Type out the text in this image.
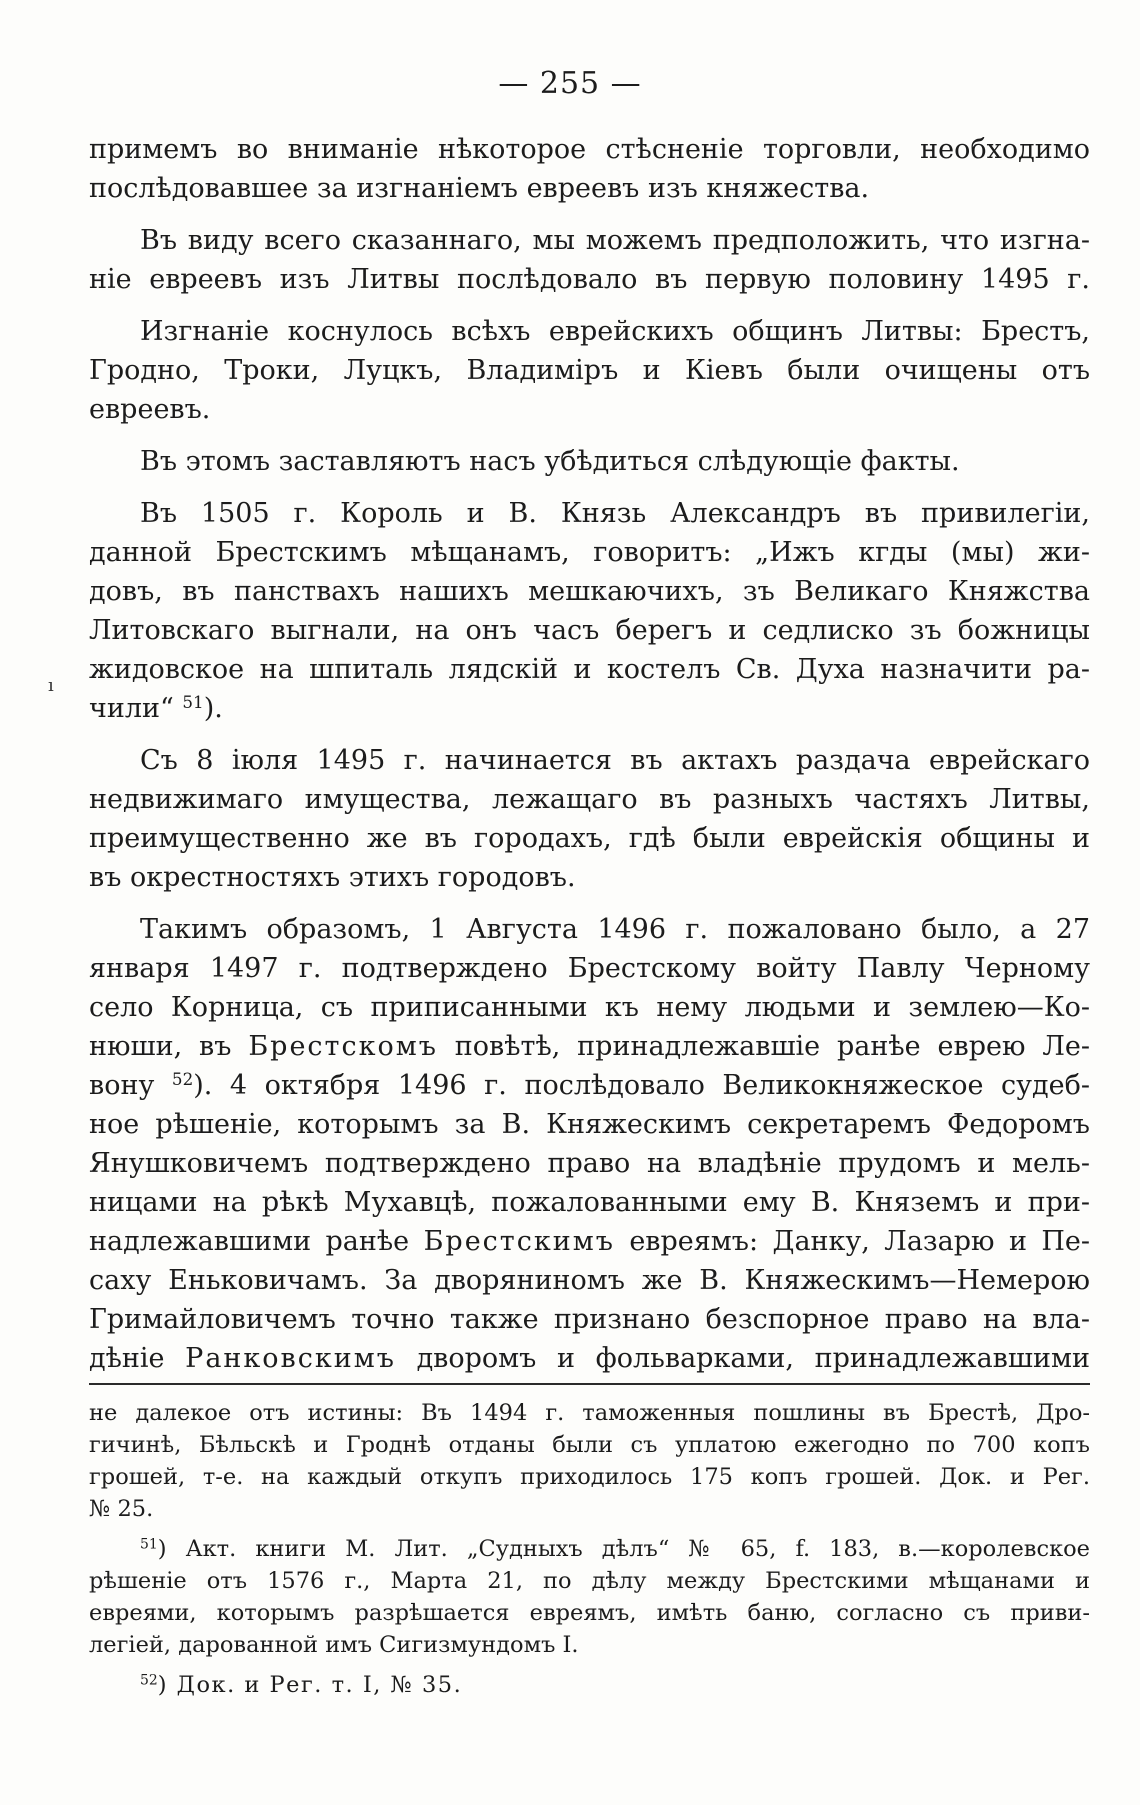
— 255 —
ı
примемъ во вниманіе нѣкоторое стѣсненіе торговли, необходимо
послѣдовавшее за изгнаніемъ евреевъ изъ княжества.
Въ виду всего сказаннаго, мы можемъ предположить, что изгна-
ніе евреевъ изъ Литвы послѣдовало въ первую половину 1495 г.
Изгнаніе коснулось всѣхъ еврейскихъ общинъ Литвы: Брестъ,
Гродно, Троки, Луцкъ, Владиміръ и Кіевъ были очищены отъ
евреевъ.
Въ этомъ заставляютъ насъ убѣдиться слѣдующіе факты.
Въ 1505 г. Король и В. Князь Александръ въ привилегіи,
данной Брестскимъ мѣщанамъ, говоритъ: „Ижъ кгды (мы) жи-
довъ, въ панствахъ нашихъ мешкаючихъ, зъ Великаго Княжства
Литовскаго выгнали, на онъ часъ берегъ и седлиско зъ божницы
жидовское на шпиталь лядскій и костелъ Св. Духа назначити ра-
чили“ $^{51}$).
Съ 8 іюля 1495 г. начинается въ актахъ раздача еврейскаго
недвижимаго имущества, лежащаго въ разныхъ частяхъ Литвы,
преимущественно же въ городахъ, гдѣ были еврейскія общины и
въ окрестностяхъ этихъ городовъ.
Такимъ образомъ, 1 Августа 1496 г. пожаловано было, а 27
января 1497 г. подтверждено Брестскому войту Павлу Черному
село Корница, съ приписанными къ нему людьми и землею—Ко-
нюши, въ Брестскомъ повѣтѣ, принадлежавшіе ранѣе еврею Ле-
вону $^{52}$). 4 октября 1496 г. послѣдовало Великокняжеское судеб-
ное рѣшеніе, которымъ за В. Княжескимъ секретаремъ Федоромъ
Янушковичемъ подтверждено право на владѣніе прудомъ и мель-
ницами на рѣкѣ Мухавцѣ, пожалованными ему В. Княземъ и при-
надлежавшими ранѣе Брестскимъ евреямъ: Данку, Лазарю и Пе-
саху Еньковичамъ. За дворяниномъ же В. Княжескимъ—Немерою
Гримайловичемъ точно также признано безспорное право на вла-
дѣніе Ранковскимъ дворомъ и фольварками, принадлежавшими
не далекое отъ истины: Въ 1494 г. таможенныя пошлины въ Брестѣ, Дро-
гичинѣ, Бѣльскѣ и Гроднѣ отданы были съ уплатою ежегодно по 700 копъ
грошей, т-е. на каждый откупъ приходилось 175 копъ грошей. Док. и Рег.
№ 25.
$^{51}$) Акт. книги М. Лит. „Судныхъ дѣлъ“ № 65, f. 183, в.—королевское
рѣшеніе отъ 1576 г., Марта 21, по дѣлу между Брестскими мѣщанами и
евреями, которымъ разрѣшается евреямъ, имѣть баню, согласно съ приви-
легіей, дарованной имъ Сигизмундомъ I.
$^{52}$) Док. и Рег. т. I, № 35.
